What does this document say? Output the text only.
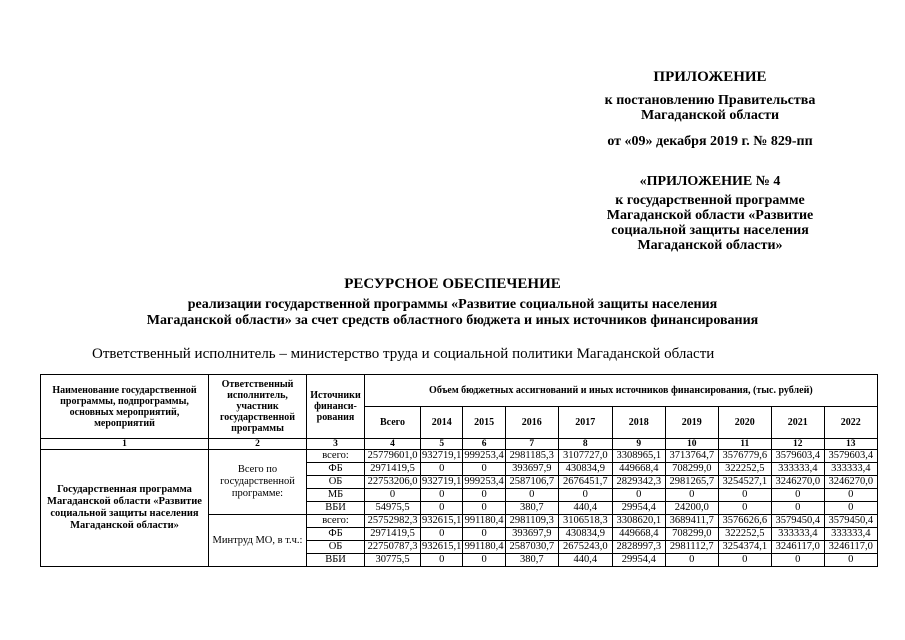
ПРИЛОЖЕНИЕ
к постановлению Правительства
Магаданской области
от «09» декабря 2019 г. № 829-пп
«ПРИЛОЖЕНИЕ № 4
к государственной программе
Магаданской области «Развитие
социальной защиты населения
Магаданской области»
РЕСУРСНОЕ ОБЕСПЕЧЕНИЕ
реализации государственной программы «Развитие социальной защиты населения
Магаданской области» за счет средств областного бюджета и иных источников финансирования
Ответственный исполнитель – министерство труда и социальной политики Магаданской области
Наименование государственной программы, подпрограммы, основных мероприятий, мероприятий	Ответственный исполнитель, участник государственной программы	Источники финанси-рования	Объем бюджетных ассигнований и иных источников финансирования, (тыс. рублей)									
			Всего	2014	2015	2016	2017	2018	2019	2020	2021	2022
1	2	3	4	5	6	7	8	9	10	11	12	13
Государственная программа Магаданской области «Развитие социальной защиты населения Магаданской области»	Всего по государственной программе:	всего:	25779601,0	932719,1	999253,4	2981185,3	3107727,0	3308965,1	3713764,7	3576779,6	3579603,4	3579603,4
		ФБ	2971419,5	0	0	393697,9	430834,9	449668,4	708299,0	322252,5	333333,4	333333,4
		ОБ	22753206,0	932719,1	999253,4	2587106,7	2676451,7	2829342,3	2981265,7	3254527,1	3246270,0	3246270,0
		МБ	0	0	0	0	0	0	0	0	0	0
		ВБИ	54975,5	0	0	380,7	440,4	29954,4	24200,0	0	0	0
	Минтруд МО, в т.ч.:	всего:	25752982,3	932615,1	991180,4	2981109,3	3106518,3	3308620,1	3689411,7	3576626,6	3579450,4	3579450,4
		ФБ	2971419,5	0	0	393697,9	430834,9	449668,4	708299,0	322252,5	333333,4	333333,4
		ОБ	22750787,3	932615,1	991180,4	2587030,7	2675243,0	2828997,3	2981112,7	3254374,1	3246117,0	3246117,0
		ВБИ	30775,5	0	0	380,7	440,4	29954,4	0	0	0	0
